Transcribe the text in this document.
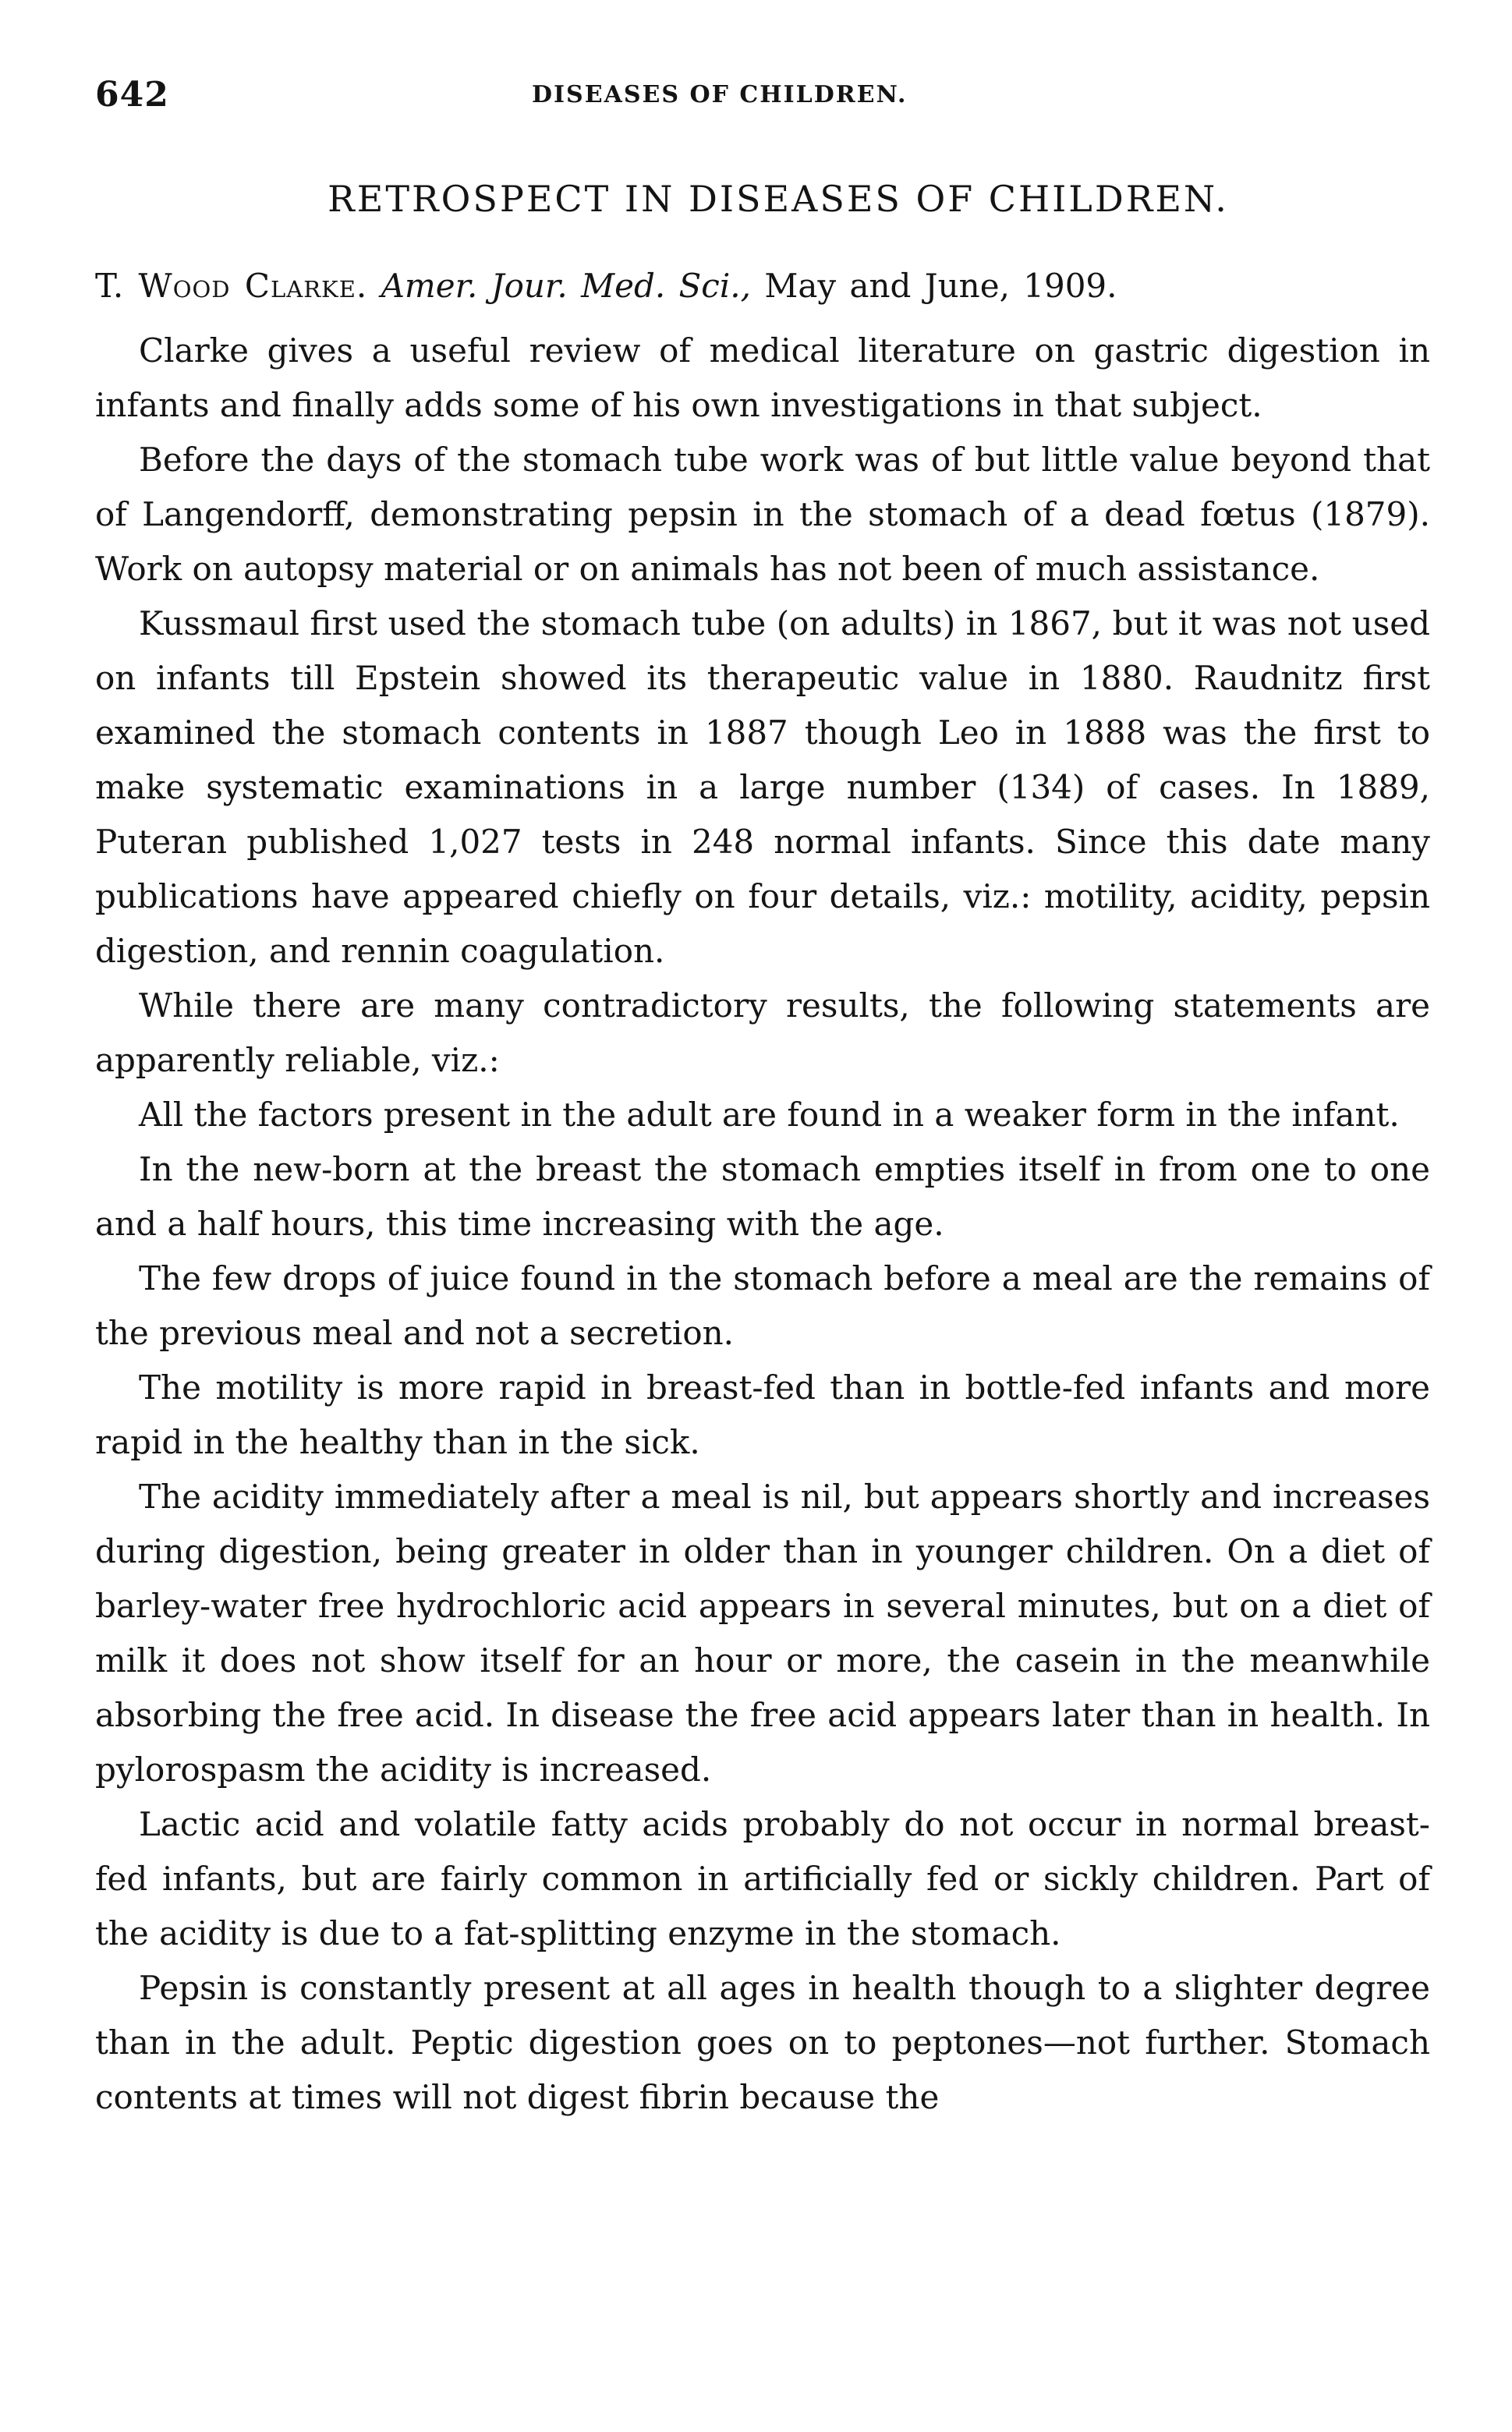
642	DISEASES OF CHILDREN.
RETROSPECT IN DISEASES OF CHILDREN.
T. Wood Clarke. Amer. Jour. Med. Sci., May and June, 1909.

Clarke gives a useful review of medical literature on gastric digestion in infants and finally adds some of his own investigations in that subject.

Before the days of the stomach tube work was of but little value beyond that of Langendorff, demonstrating pepsin in the stomach of a dead fœtus (1879). Work on autopsy material or on animals has not been of much assistance.

Kussmaul first used the stomach tube (on adults) in 1867, but it was not used on infants till Epstein showed its therapeutic value in 1880. Raudnitz first examined the stomach contents in 1887 though Leo in 1888 was the first to make systematic examinations in a large number (134) of cases. In 1889, Puteran published 1,027 tests in 248 normal infants. Since this date many publications have appeared chiefly on four details, viz.: motility, acidity, pepsin digestion, and rennin coagulation.

While there are many contradictory results, the following statements are apparently reliable, viz.:

All the factors present in the adult are found in a weaker form in the infant.

In the new-born at the breast the stomach empties itself in from one to one and a half hours, this time increasing with the age.

The few drops of juice found in the stomach before a meal are the remains of the previous meal and not a secretion.

The motility is more rapid in breast-fed than in bottle-fed infants and more rapid in the healthy than in the sick.

The acidity immediately after a meal is nil, but appears shortly and increases during digestion, being greater in older than in younger children. On a diet of barley-water free hydrochloric acid appears in several minutes, but on a diet of milk it does not show itself for an hour or more, the casein in the meanwhile absorbing the free acid. In disease the free acid appears later than in health. In pylorospasm the acidity is increased.

Lactic acid and volatile fatty acids probably do not occur in normal breast-fed infants, but are fairly common in artificially fed or sickly children. Part of the acidity is due to a fat-splitting enzyme in the stomach.

Pepsin is constantly present at all ages in health though to a slighter degree than in the adult. Peptic digestion goes on to peptones—not further. Stomach contents at times will not digest fibrin because the
